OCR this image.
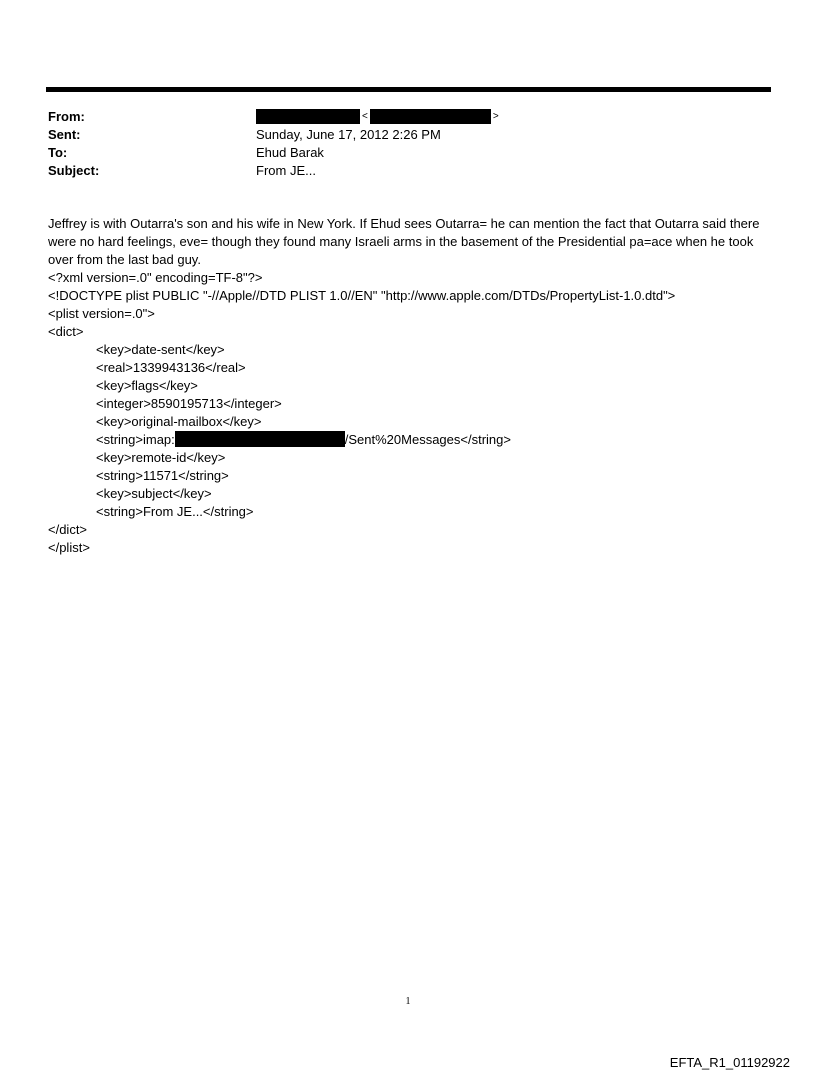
From:	<	>
Sent:	Sunday, June 17, 2012 2:26 PM
To:	Ehud Barak
Subject:	From JE...

Jeffrey is with Outarra's son and his wife in New York. If Ehud sees Outarra= he can mention the fact that Outarra said there were no hard feelings, eve= though they found many Israeli arms in the basement of the Presidential pa=ace when he took over from the last bad guy.

<?xml version=.0" encoding=TF-8"?>
<!DOCTYPE plist PUBLIC "-//Apple//DTD PLIST 1.0//EN" "http://www.apple.com/DTDs/PropertyList-1.0.dtd">
<plist version=.0">
<dict>
<key>date-sent</key>
<real>1339943136</real>
<key>flags</key>
<integer>8590195713</integer>
<key>original-mailbox</key>
<string>imap:	/Sent%20Messages</string>
<key>remote-id</key>
<string>11571</string>
<key>subject</key>
<string>From JE...</string>
</dict>
</plist>
1
EFTA_R1_01192922
